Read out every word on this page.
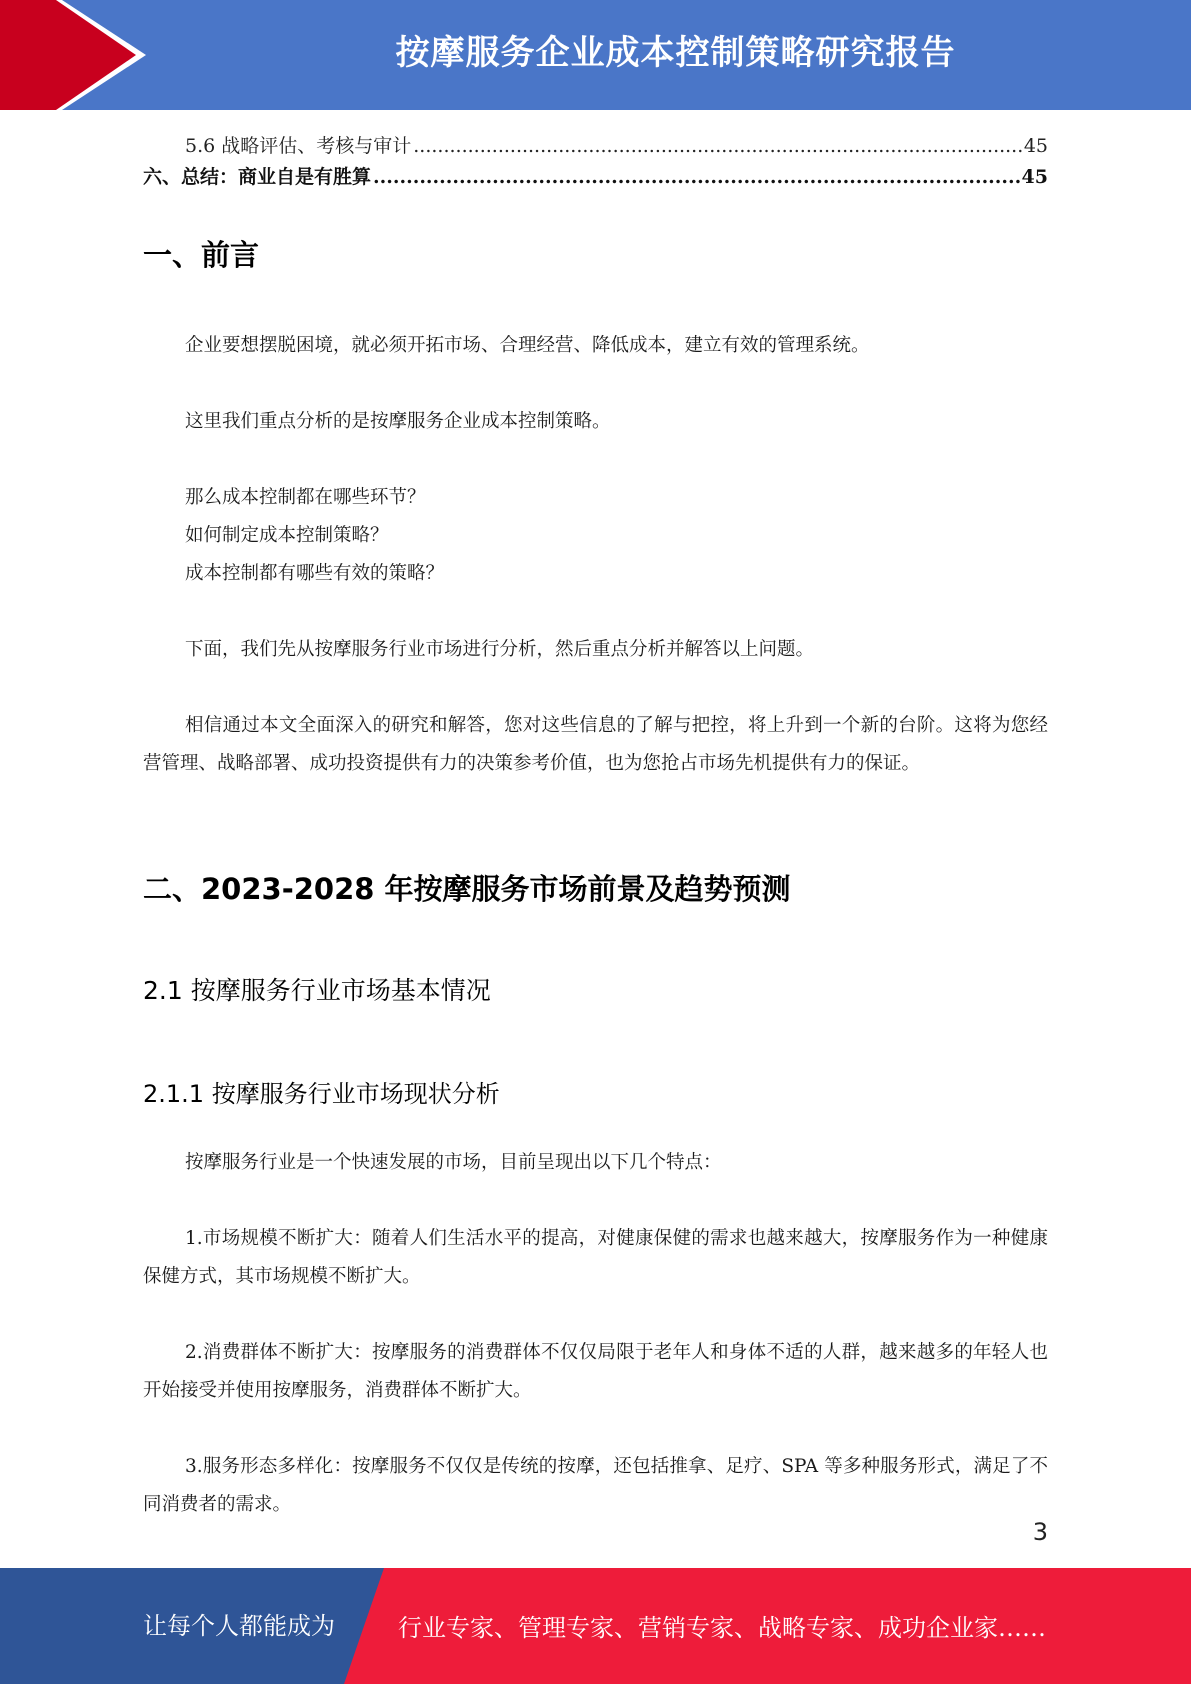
按摩服务企业成本控制策略研究报告
5.6 战略评估、考核与审计 .....	45
六、总结：商业自是有胜算 .....	45
一、前言
企业要想摆脱困境，就必须开拓市场、合理经营、降低成本，建立有效的管理系统。
这里我们重点分析的是按摩服务企业成本控制策略。
那么成本控制都在哪些环节？
如何制定成本控制策略？
成本控制都有哪些有效的策略？
下面，我们先从按摩服务行业市场进行分析，然后重点分析并解答以上问题。
相信通过本文全面深入的研究和解答，您对这些信息的了解与把控，将上升到一个新的台阶。这将为您经营管理、战略部署、成功投资提供有力的决策参考价值，也为您抢占市场先机提供有力的保证。
二、2023-2028 年按摩服务市场前景及趋势预测
2.1 按摩服务行业市场基本情况
2.1.1 按摩服务行业市场现状分析
按摩服务行业是一个快速发展的市场，目前呈现出以下几个特点：
1.市场规模不断扩大：随着人们生活水平的提高，对健康保健的需求也越来越大，按摩服务作为一种健康保健方式，其市场规模不断扩大。
2.消费群体不断扩大：按摩服务的消费群体不仅仅局限于老年人和身体不适的人群，越来越多的年轻人也开始接受并使用按摩服务，消费群体不断扩大。
3.服务形态多样化：按摩服务不仅仅是传统的按摩，还包括推拿、足疗、SPA 等多种服务形式，满足了不同消费者的需求。
3
让每个人都能成为	行业专家、管理专家、营销专家、战略专家、成功企业家……
